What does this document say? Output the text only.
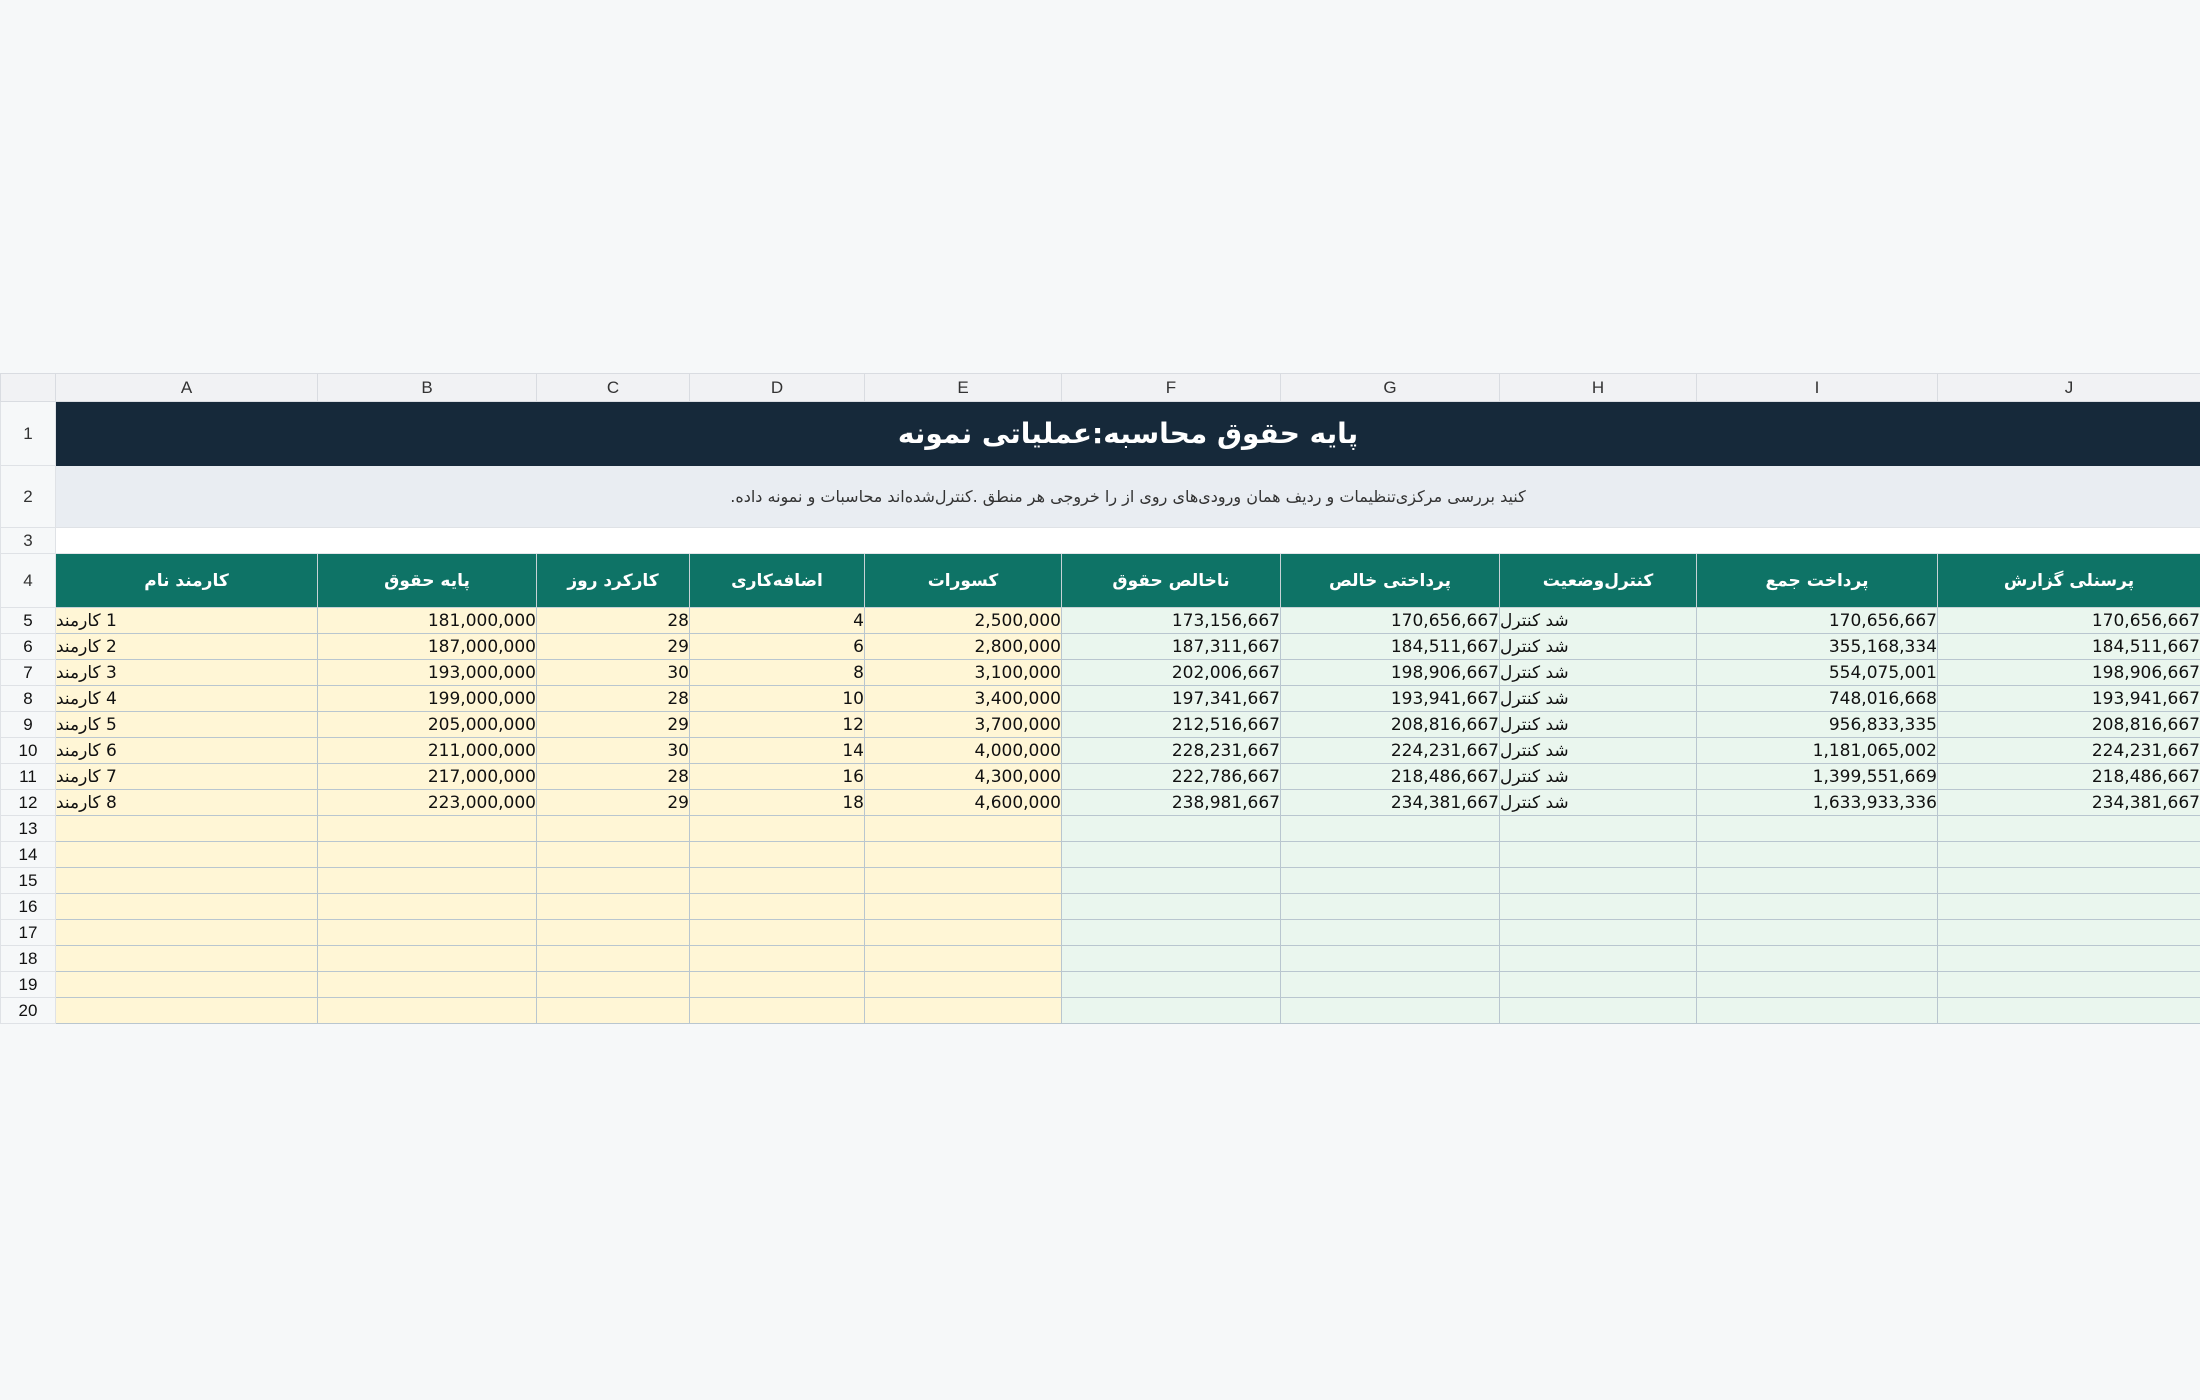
	A	B	C	D	E	F	G	H	I	J
1	پایه حقوق محاسبه:عملیاتی نمونه									
2	.کنید بررسی مرکزی‌تنظیمات و ردیف همان ورودی‌های روی از را خروجی هر منطق .کنترل‌شده‌اند محاسبات و نمونه داده									
3										
4	کارمند نام	پایه حقوق	کارکرد روز	اضافه‌کاری	کسورات	ناخالص حقوق	پرداختی خالص	کنترل‌وضعیت	پرداخت جمع	پرسنلی گزارش
5	1 کارمند	181,000,000	28	4	2,500,000	173,156,667	170,656,667	شد کنترل	170,656,667	170,656,667
6	2 کارمند	187,000,000	29	6	2,800,000	187,311,667	184,511,667	شد کنترل	355,168,334	184,511,667
7	3 کارمند	193,000,000	30	8	3,100,000	202,006,667	198,906,667	شد کنترل	554,075,001	198,906,667
8	4 کارمند	199,000,000	28	10	3,400,000	197,341,667	193,941,667	شد کنترل	748,016,668	193,941,667
9	5 کارمند	205,000,000	29	12	3,700,000	212,516,667	208,816,667	شد کنترل	956,833,335	208,816,667
10	6 کارمند	211,000,000	30	14	4,000,000	228,231,667	224,231,667	شد کنترل	1,181,065,002	224,231,667
11	7 کارمند	217,000,000	28	16	4,300,000	222,786,667	218,486,667	شد کنترل	1,399,551,669	218,486,667
12	8 کارمند	223,000,000	29	18	4,600,000	238,981,667	234,381,667	شد کنترل	1,633,933,336	234,381,667
13										
14										
15										
16										
17										
18										
19										
20										
